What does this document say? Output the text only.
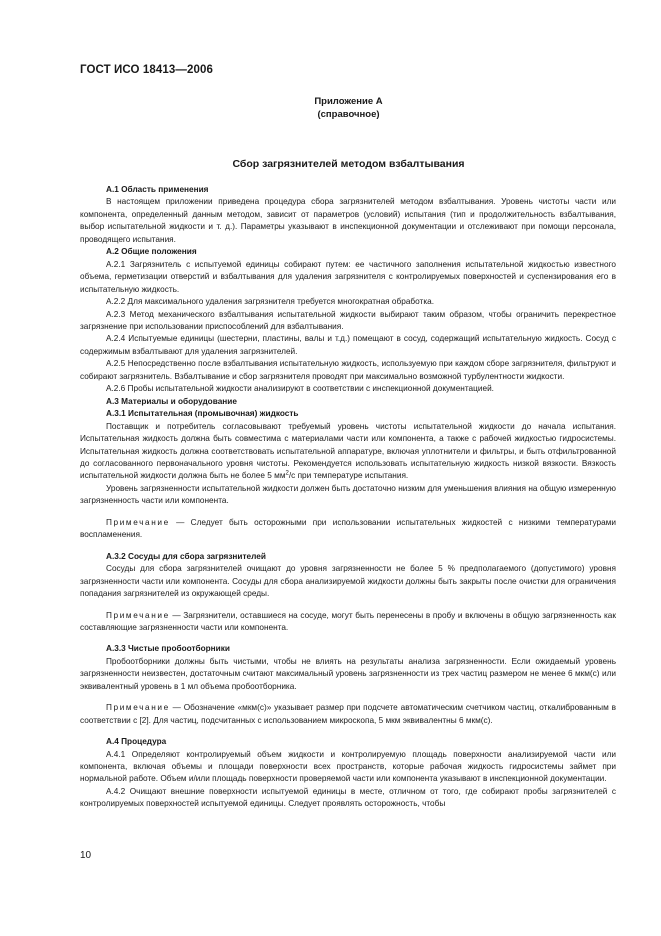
ГОСТ ИСО 18413—2006
Приложение А
(справочное)
Сбор загрязнителей методом взбалтывания

А.1 Область применения

В настоящем приложении приведена процедура сбора загрязнителей методом взбалтывания. Уровень чистоты части или компонента, определенный данным методом, зависит от параметров (условий) испытания (тип и продолжительность взбалтывания, выбор испытательной жидкости и т. д.). Параметры указывают в инспекционной документации и отслеживают при помощи персонала, проводящего испытания.

А.2 Общие положения

А.2.1 Загрязнитель с испытуемой единицы собирают путем: ее частичного заполнения испытательной жидкостью известного объема, герметизации отверстий и взбалтывания для удаления загрязнителя с контролируемых поверхностей и суспензирования его в испытательную жидкость.

А.2.2 Для максимального удаления загрязнителя требуется многократная обработка.

А.2.3 Метод механического взбалтывания испытательной жидкости выбирают таким образом, чтобы ограничить перекрестное загрязнение при использовании приспособлений для взбалтывания.

А.2.4 Испытуемые единицы (шестерни, пластины, валы и т.д.) помещают в сосуд, содержащий испытательную жидкость. Сосуд с содержимым взбалтывают для удаления загрязнителей.

А.2.5 Непосредственно после взбалтывания испытательную жидкость, используемую при каждом сборе загрязнителя, фильтруют и собирают загрязнитель. Взбалтывание и сбор загрязнителя проводят при максимально возможной турбулентности жидкости.

А.2.6 Пробы испытательной жидкости анализируют в соответствии с инспекционной документацией.

А.3 Материалы и оборудование

А.3.1 Испытательная (промывочная) жидкость

Поставщик и потребитель согласовывают требуемый уровень чистоты испытательной жидкости до начала испытания. Испытательная жидкость должна быть совместима с материалами части или компонента, а также с рабочей жидкостью гидросистемы. Испытательная жидкость должна соответствовать испытательной аппаратуре, включая уплотнители и фильтры, и быть отфильтрованной до согласованного первоначального уровня чистоты. Рекомендуется использовать испытательную жидкость низкой вязкости. Вязкость испытательной жидкости должна быть не более 5 $мм^2/с$ при температуре испытания.

Уровень загрязненности испытательной жидкости должен быть достаточно низким для уменьшения влияния на общую измеренную загрязненность части или компонента.

Примечание — Следует быть осторожными при использовании испытательных жидкостей с низкими температурами воспламенения.

А.3.2 Сосуды для сбора загрязнителей

Сосуды для сбора загрязнителей очищают до уровня загрязненности не более 5 % предполагаемого (допустимого) уровня загрязненности части или компонента. Сосуды для сбора анализируемой жидкости должны быть закрыты после очистки для ограничения попадания загрязнителей из окружающей среды.

Примечание — Загрязнители, оставшиеся на сосуде, могут быть перенесены в пробу и включены в общую загрязненность как составляющие загрязненности части или компонента.

А.3.3 Чистые пробоотборники

Пробоотборники должны быть чистыми, чтобы не влиять на результаты анализа загрязненности. Если ожидаемый уровень загрязненности неизвестен, достаточным считают максимальный уровень загрязненности из трех частиц размером не менее 6 мкм(с) или эквивалентный уровень в 1 мл объема пробоотборника.

Примечание — Обозначение «мкм(с)» указывает размер при подсчете автоматическим счетчиком частиц, откалиброванным в соответствии с [2]. Для частиц, подсчитанных с использованием микроскопа, 5 мкм эквивалентны 6 мкм(с).

А.4 Процедура

А.4.1 Определяют контролируемый объем жидкости и контролируемую площадь поверхности анализируемой части или компонента, включая объемы и площади поверхности всех пространств, которые рабочая жидкость гидросистемы займет при нормальной работе. Объем и/или площадь поверхности проверяемой части или компонента указывают в инспекционной документации.

А.4.2 Очищают внешние поверхности испытуемой единицы в месте, отличном от того, где собирают пробы загрязнителей с контролируемых поверхностей испытуемой единицы. Следует проявлять осторожность, чтобы

10
